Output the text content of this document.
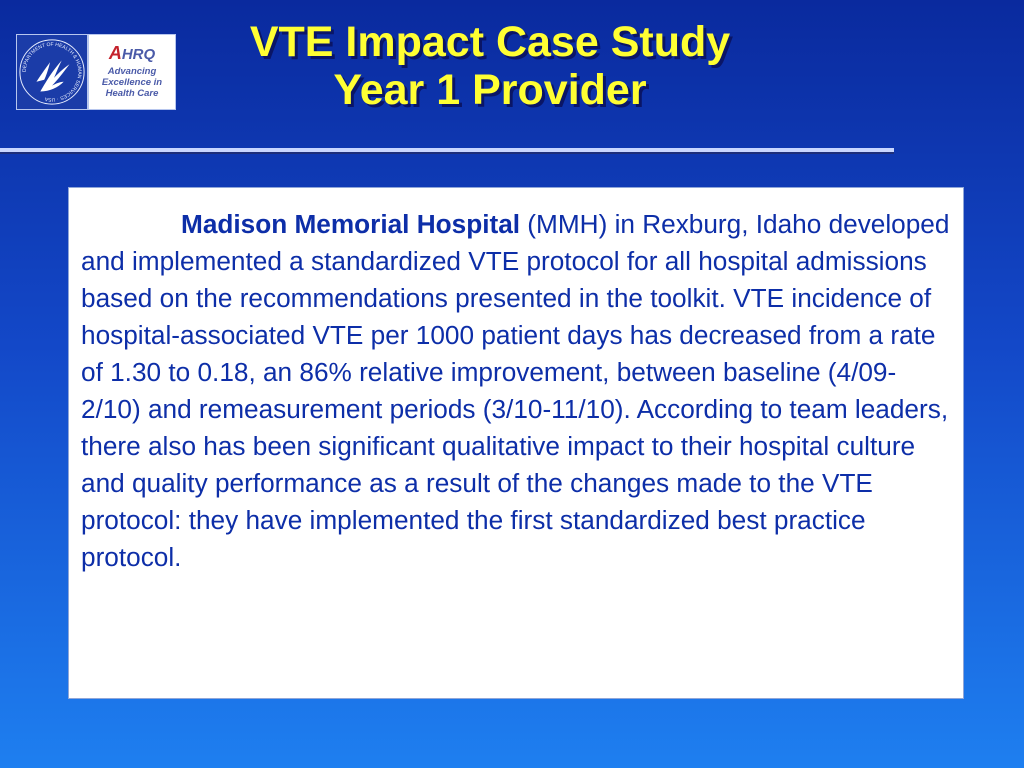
DEPARTMENT OF HEALTH & HUMAN SERVICES · USA
AHRQ
Advancing
Excellence in
Health Care
VTE Impact Case Study
Year 1 Provider

Madison Memorial Hospital (MMH) in Rexburg, Idaho developed and implemented a standardized VTE protocol for all hospital admissions based on the recommendations presented in the toolkit. VTE incidence of hospital-associated VTE per 1000 patient days has decreased from a rate of 1.30 to 0.18, an 86% relative improvement, between baseline (4/09-2/10) and remeasurement periods (3/10-11/10). According to team leaders, there also has been significant qualitative impact to their hospital culture and quality performance as a result of the changes made to the VTE protocol: they have implemented the first standardized best practice protocol.
